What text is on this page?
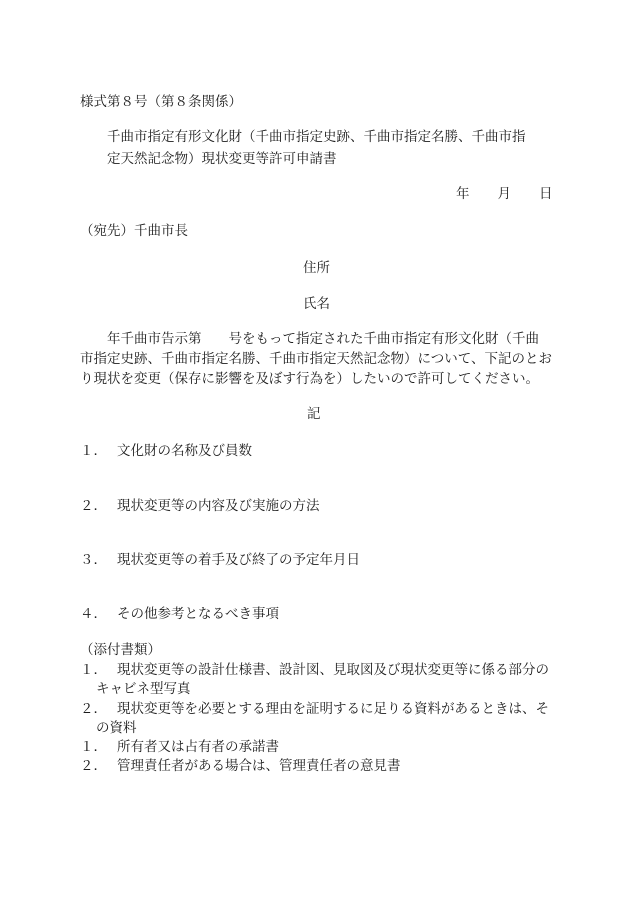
様式第８号（第８条関係）
千曲市指定有形文化財（千曲市指定史跡、千曲市指定名勝、千曲市指
定天然記念物）現状変更等許可申請書
年 月 日
（宛先）千曲市長
住所
氏名
　　年千曲市告示第　　号をもって指定された千曲市指定有形文化財（千曲
市指定史跡、千曲市指定名勝、千曲市指定天然記念物）について、下記のとお
り現状を変更（保存に影響を及ぼす行為を）したいので許可してください。
記
１． 文化財の名称及び員数
２． 現状変更等の内容及び実施の方法
３． 現状変更等の着手及び終了の予定年月日
４． その他参考となるべき事項
（添付書類）
１． 現状変更等の設計仕様書、設計図、見取図及び現状変更等に係る部分の
キャビネ型写真
２． 現状変更等を必要とする理由を証明するに足りる資料があるときは、そ
の資料
１． 所有者又は占有者の承諾書
２． 管理責任者がある場合は、管理責任者の意見書
